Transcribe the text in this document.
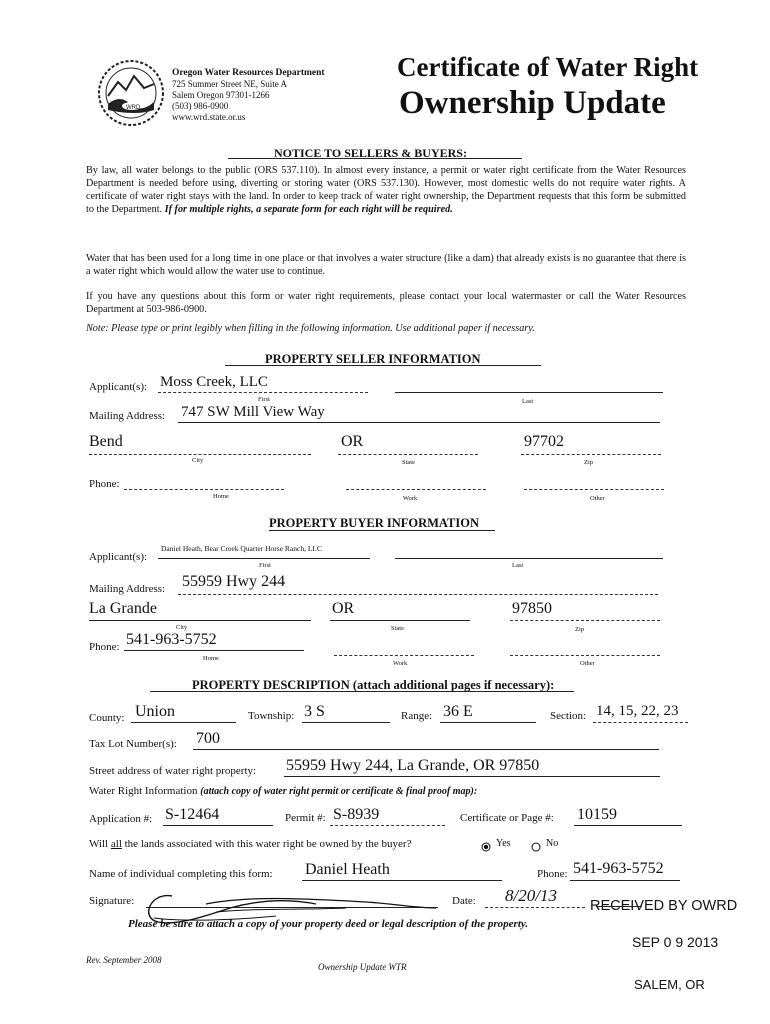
WRD
Oregon Water Resources Department
725 Summer Street NE, Suite A
Salem Oregon 97301-1266
(503) 986-0900
www.wrd.state.or.us
Certificate of Water Right
Ownership Update
NOTICE TO SELLERS & BUYERS:
By law, all water belongs to the public (ORS 537.110). In almost every instance, a permit or water right certificate from the Water Resources Department is needed before using, diverting or storing water (ORS 537.130). However, most domestic wells do not require water rights. A certificate of water right stays with the land. In order to keep track of water right ownership, the Department requests that this form be submitted to the Department. If for multiple rights, a separate form for each right will be required.
Water that has been used for a long time in one place or that involves a water structure (like a dam) that already exists is no guarantee that there is a water right which would allow the water use to continue.
If you have any questions about this form or water right requirements, please contact your local watermaster or call the Water Resources Department at 503-986-0900.
Note: Please type or print legibly when filling in the following information. Use additional paper if necessary.
PROPERTY SELLER INFORMATION
Applicant(s): Moss Creek, LLC
First	Last
Mailing Address: 747 SW Mill View Way
Bend	OR	97702
City	State	Zip
Phone:
Home	Work	Other
PROPERTY BUYER INFORMATION
Applicant(s):
Daniel Heath, Bear Creek Quarter Horse Ranch, LLC
First	Last
Mailing Address: 55959 Hwy 244
La Grande	OR	97850
City	State	Zip
Phone: 541-963-5752
Home
Work	Other
PROPERTY DESCRIPTION (attach additional pages if necessary):
County: Union	Township: 3 S	Range: 36 E	Section: 14, 15, 22, 23
Tax Lot Number(s): 700
Street address of water right property: 55959 Hwy 244, La Grande, OR 97850
Water Right Information (attach copy of water right permit or certificate & final proof map):
Application #: S-12464	Permit #: S-8939	Certificate or Page #: 10159
Will all the lands associated with this water right be owned by the buyer?	Yes	No
Name of individual completing this form: Daniel Heath	Phone: 541-963-5752
Signature:	Date: 8/20/13
Please be sure to attach a copy of your property deed or legal description of the property.
RECEIVED BY OWRD
SEP 0 9 2013
SALEM, OR
Rev. September 2008
Ownership Update WTR
